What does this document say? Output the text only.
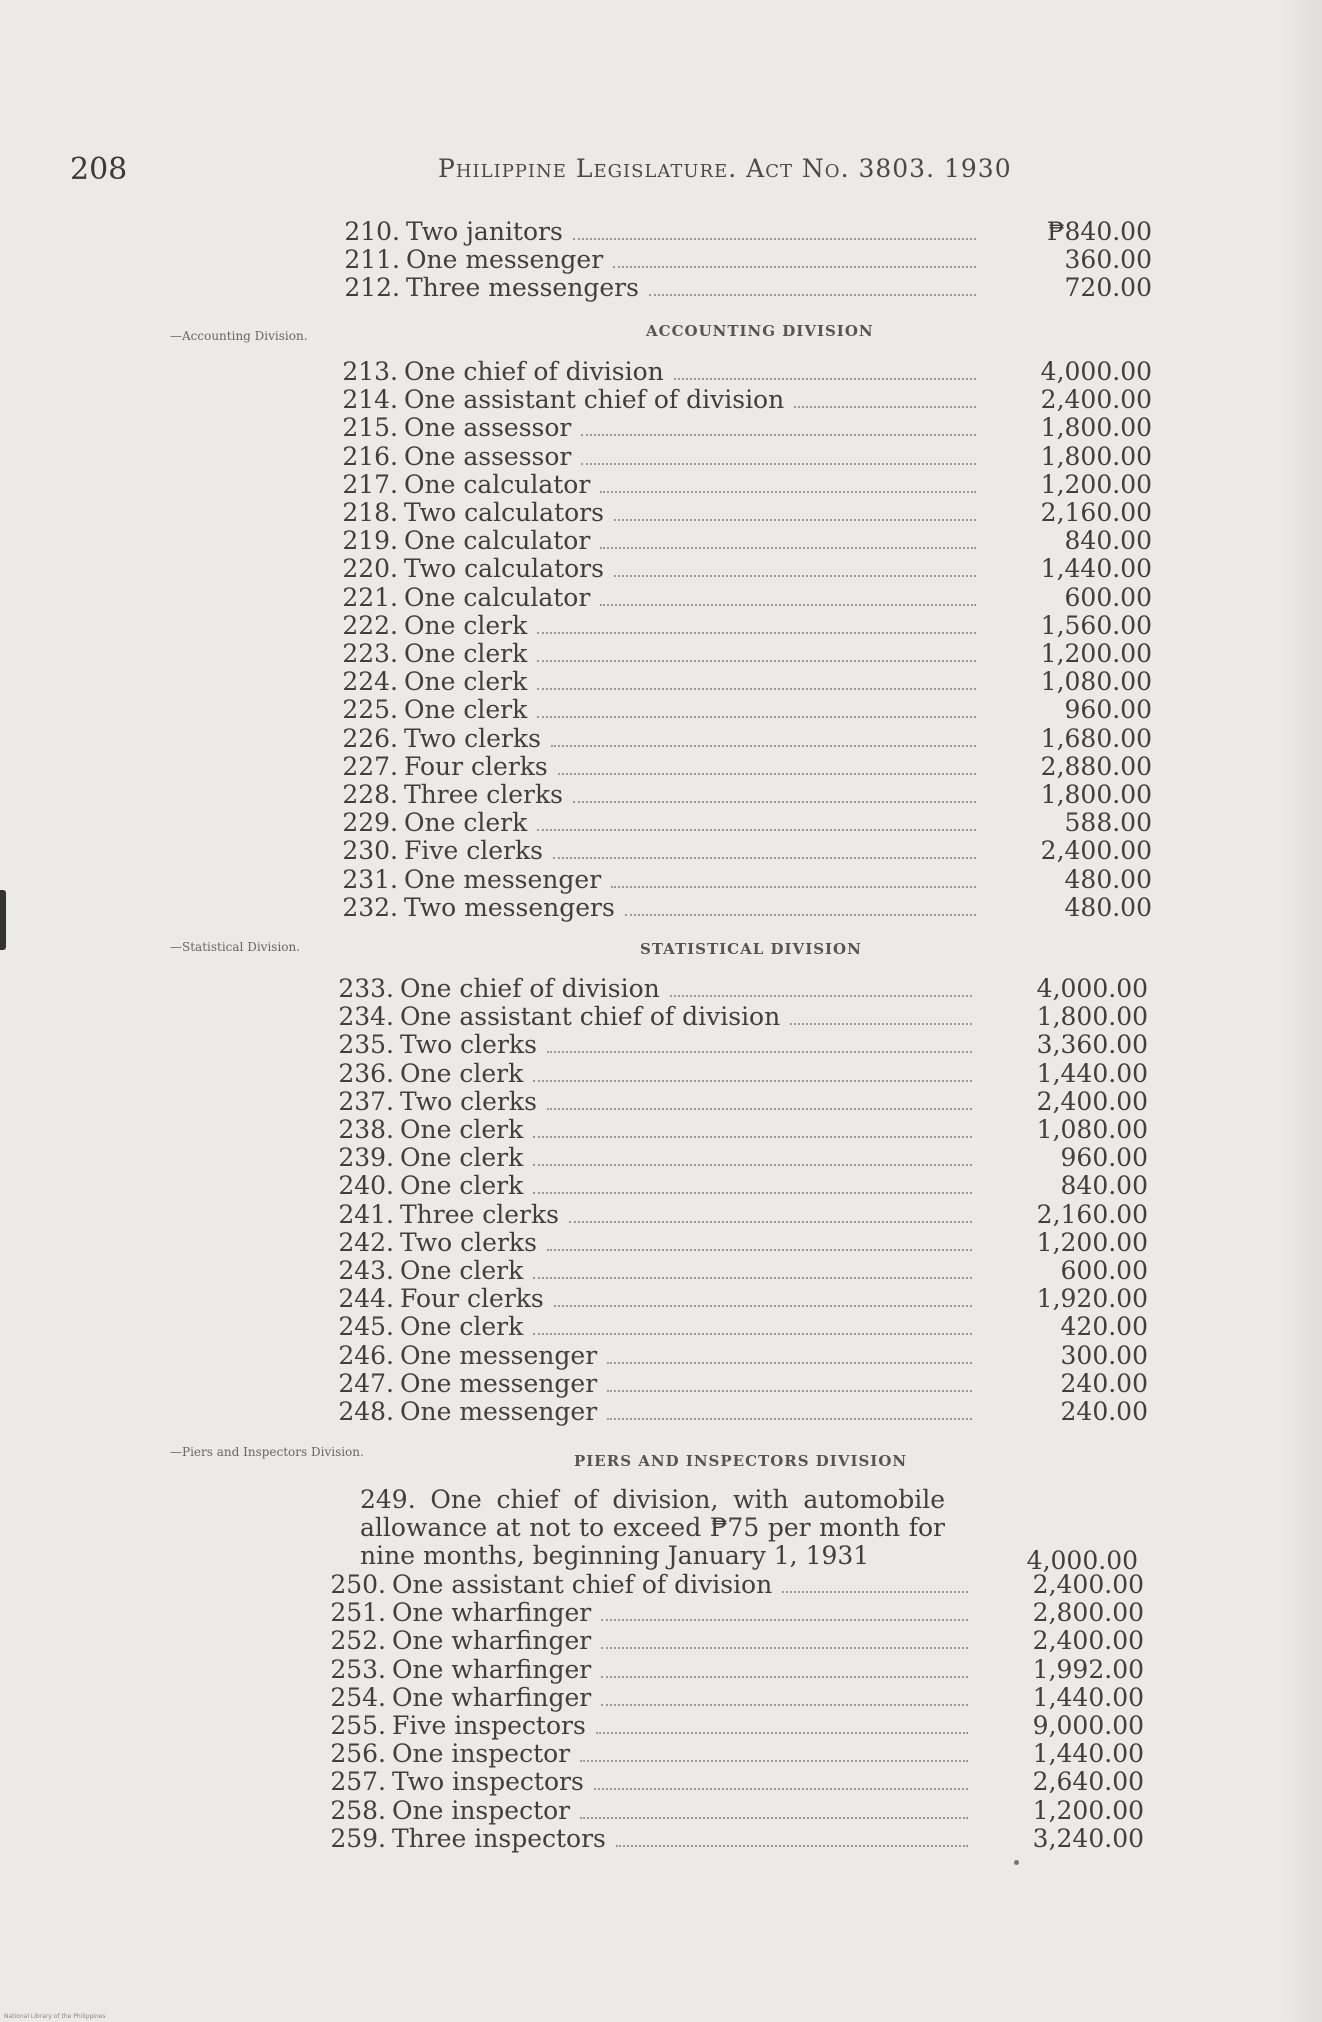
208	Philippine Legislature. Act No. 3803. 1930
210. Two janitors	₱840.00
211. One messenger	360.00
212. Three messengers	720.00
—Accounting Division.	ACCOUNTING DIVISION
213. One chief of division	4,000.00
214. One assistant chief of division	2,400.00
215. One assessor	1,800.00
216. One assessor	1,800.00
217. One calculator	1,200.00
218. Two calculators	2,160.00
219. One calculator	840.00
220. Two calculators	1,440.00
221. One calculator	600.00
222. One clerk	1,560.00
223. One clerk	1,200.00
224. One clerk	1,080.00
225. One clerk	960.00
226. Two clerks	1,680.00
227. Four clerks	2,880.00
228. Three clerks	1,800.00
229. One clerk	588.00
230. Five clerks	2,400.00
231. One messenger	480.00
232. Two messengers	480.00
—Statistical Division.	STATISTICAL DIVISION
233. One chief of division	4,000.00
234. One assistant chief of division	1,800.00
235. Two clerks	3,360.00
236. One clerk	1,440.00
237. Two clerks	2,400.00
238. One clerk	1,080.00
239. One clerk	960.00
240. One clerk	840.00
241. Three clerks	2,160.00
242. Two clerks	1,200.00
243. One clerk	600.00
244. Four clerks	1,920.00
245. One clerk	420.00
246. One messenger	300.00
247. One messenger	240.00
248. One messenger	240.00
—Piers and Inspectors Division.	PIERS AND INSPECTORS DIVISION
249. One chief of division, with automobile allowance at not to exceed ₱75 per month for nine months, beginning January 1, 1931	4,000.00
250. One assistant chief of division	2,400.00
251. One wharfinger	2,800.00
252. One wharfinger	2,400.00
253. One wharfinger	1,992.00
254. One wharfinger	1,440.00
255. Five inspectors	9,000.00
256. One inspector	1,440.00
257. Two inspectors	2,640.00
258. One inspector	1,200.00
259. Three inspectors	3,240.00
National Library of the Philippines
